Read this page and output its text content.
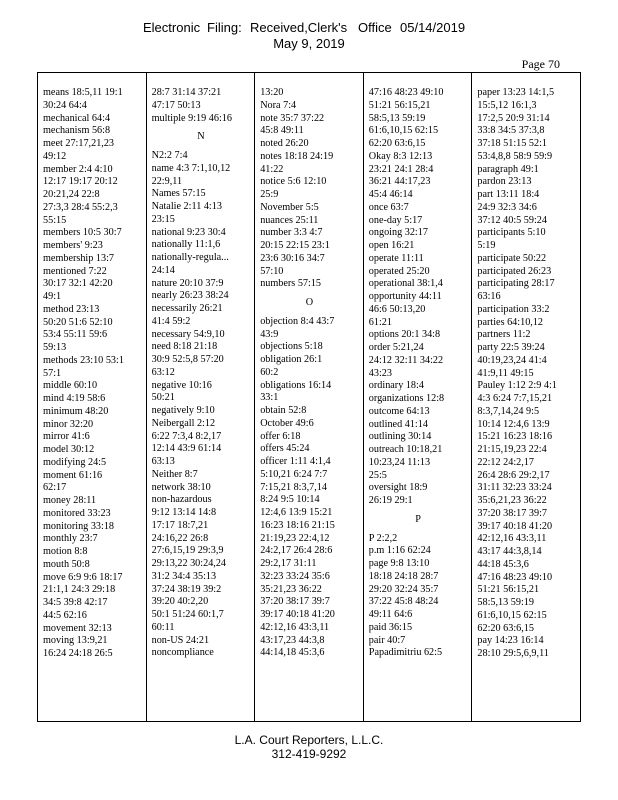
Electronic Filing: Received,Clerk's Office 05/14/2019
May 9, 2019
Page 70
means 18:5,11 19:1
30:24 64:4
mechanical 64:4
mechanism 56:8
meet 27:17,21,23
49:12
member 2:4 4:10
12:17 19:17 20:12
20:21,24 22:8
27:3,3 28:4 55:2,3
55:15
members 10:5 30:7
members' 9:23
membership 13:7
mentioned 7:22
30:17 32:1 42:20
49:1
method 23:13
50:20 51:6 52:10
53:4 55:11 59:6
59:13
methods 23:10 53:1
57:1
middle 60:10
mind 4:19 58:6
minimum 48:20
minor 32:20
mirror 41:6
model 30:12
modifying 24:5
moment 61:16
62:17
money 28:11
monitored 33:23
monitoring 33:18
monthly 23:7
motion 8:8
mouth 50:8
move 6:9 9:6 18:17
21:1,1 24:3 29:18
34:5 39:8 42:17
44:5 62:16
movement 32:13
moving 13:9,21
16:24 24:18 26:5
28:7 31:14 37:21
47:17 50:13
multiple 9:19 46:16
N
N2:2 7:4
name 4:3 7:1,10,12
22:9,11
Names 57:15
Natalie 2:11 4:13
23:15
national 9:23 30:4
nationally 11:1,6
nationally-regula...
24:14
nature 20:10 37:9
nearly 26:23 38:24
necessarily 26:21
41:4 59:2
necessary 54:9,10
need 8:18 21:18
30:9 52:5,8 57:20
63:12
negative 10:16
50:21
negatively 9:10
Neibergall 2:12
6:22 7:3,4 8:2,17
12:14 43:9 61:14
63:13
Neither 8:7
network 38:10
non-hazardous
9:12 13:14 14:8
17:17 18:7,21
24:16,22 26:8
27:6,15,19 29:3,9
29:13,22 30:24,24
31:2 34:4 35:13
37:24 38:19 39:2
39:20 40:2,20
50:1 51:24 60:1,7
60:11
non-US 24:21
noncompliance
13:20
Nora 7:4
note 35:7 37:22
45:8 49:11
noted 26:20
notes 18:18 24:19
41:22
notice 5:6 12:10
25:9
November 5:5
nuances 25:11
number 3:3 4:7
20:15 22:15 23:1
23:6 30:16 34:7
57:10
numbers 57:15
O
objection 8:4 43:7
43:9
objections 5:18
obligation 26:1
60:2
obligations 16:14
33:1
obtain 52:8
October 49:6
offer 6:18
offers 45:24
officer 1:11 4:1,4
5:10,21 6:24 7:7
7:15,21 8:3,7,14
8:24 9:5 10:14
12:4,6 13:9 15:21
16:23 18:16 21:15
21:19,23 22:4,12
24:2,17 26:4 28:6
29:2,17 31:11
32:23 33:24 35:6
35:21,23 36:22
37:20 38:17 39:7
39:17 40:18 41:20
42:12,16 43:3,11
43:17,23 44:3,8
44:14,18 45:3,6
47:16 48:23 49:10
51:21 56:15,21
58:5,13 59:19
61:6,10,15 62:15
62:20 63:6,15
Okay 8:3 12:13
23:21 24:1 28:4
36:21 44:17,23
45:4 46:14
once 63:7
one-day 5:17
ongoing 32:17
open 16:21
operate 11:11
operated 25:20
operational 38:1,4
opportunity 44:11
46:6 50:13,20
61:21
options 20:1 34:8
order 5:21,24
24:12 32:11 34:22
43:23
ordinary 18:4
organizations 12:8
outcome 64:13
outlined 41:14
outlining 30:14
outreach 10:18,21
10:23,24 11:13
25:5
oversight 18:9
26:19 29:1
P
P 2:2,2
p.m 1:16 62:24
page 9:8 13:10
18:18 24:18 28:7
29:20 32:24 35:7
37:22 45:8 48:24
49:11 64:6
paid 36:15
pair 40:7
Papadimitriu 62:5
paper 13:23 14:1,5
15:5,12 16:1,3
17:2,5 20:9 31:14
33:8 34:5 37:3,8
37:18 51:15 52:1
53:4,8,8 58:9 59:9
paragraph 49:1
pardon 23:13
part 13:11 18:4
24:9 32:3 34:6
37:12 40:5 59:24
participants 5:10
5:19
participate 50:22
participated 26:23
participating 28:17
63:16
participation 33:2
parties 64:10,12
partners 11:2
party 22:5 39:24
40:19,23,24 41:4
41:9,11 49:15
Pauley 1:12 2:9 4:1
4:3 6:24 7:7,15,21
8:3,7,14,24 9:5
10:14 12:4,6 13:9
15:21 16:23 18:16
21:15,19,23 22:4
22:12 24:2,17
26:4 28:6 29:2,17
31:11 32:23 33:24
35:6,21,23 36:22
37:20 38:17 39:7
39:17 40:18 41:20
42:12,16 43:3,11
43:17 44:3,8,14
44:18 45:3,6
47:16 48:23 49:10
51:21 56:15,21
58:5,13 59:19
61:6,10,15 62:15
62:20 63:6,15
pay 14:23 16:14
28:10 29:5,6,9,11
L.A. Court Reporters, L.L.C.
312-419-9292
